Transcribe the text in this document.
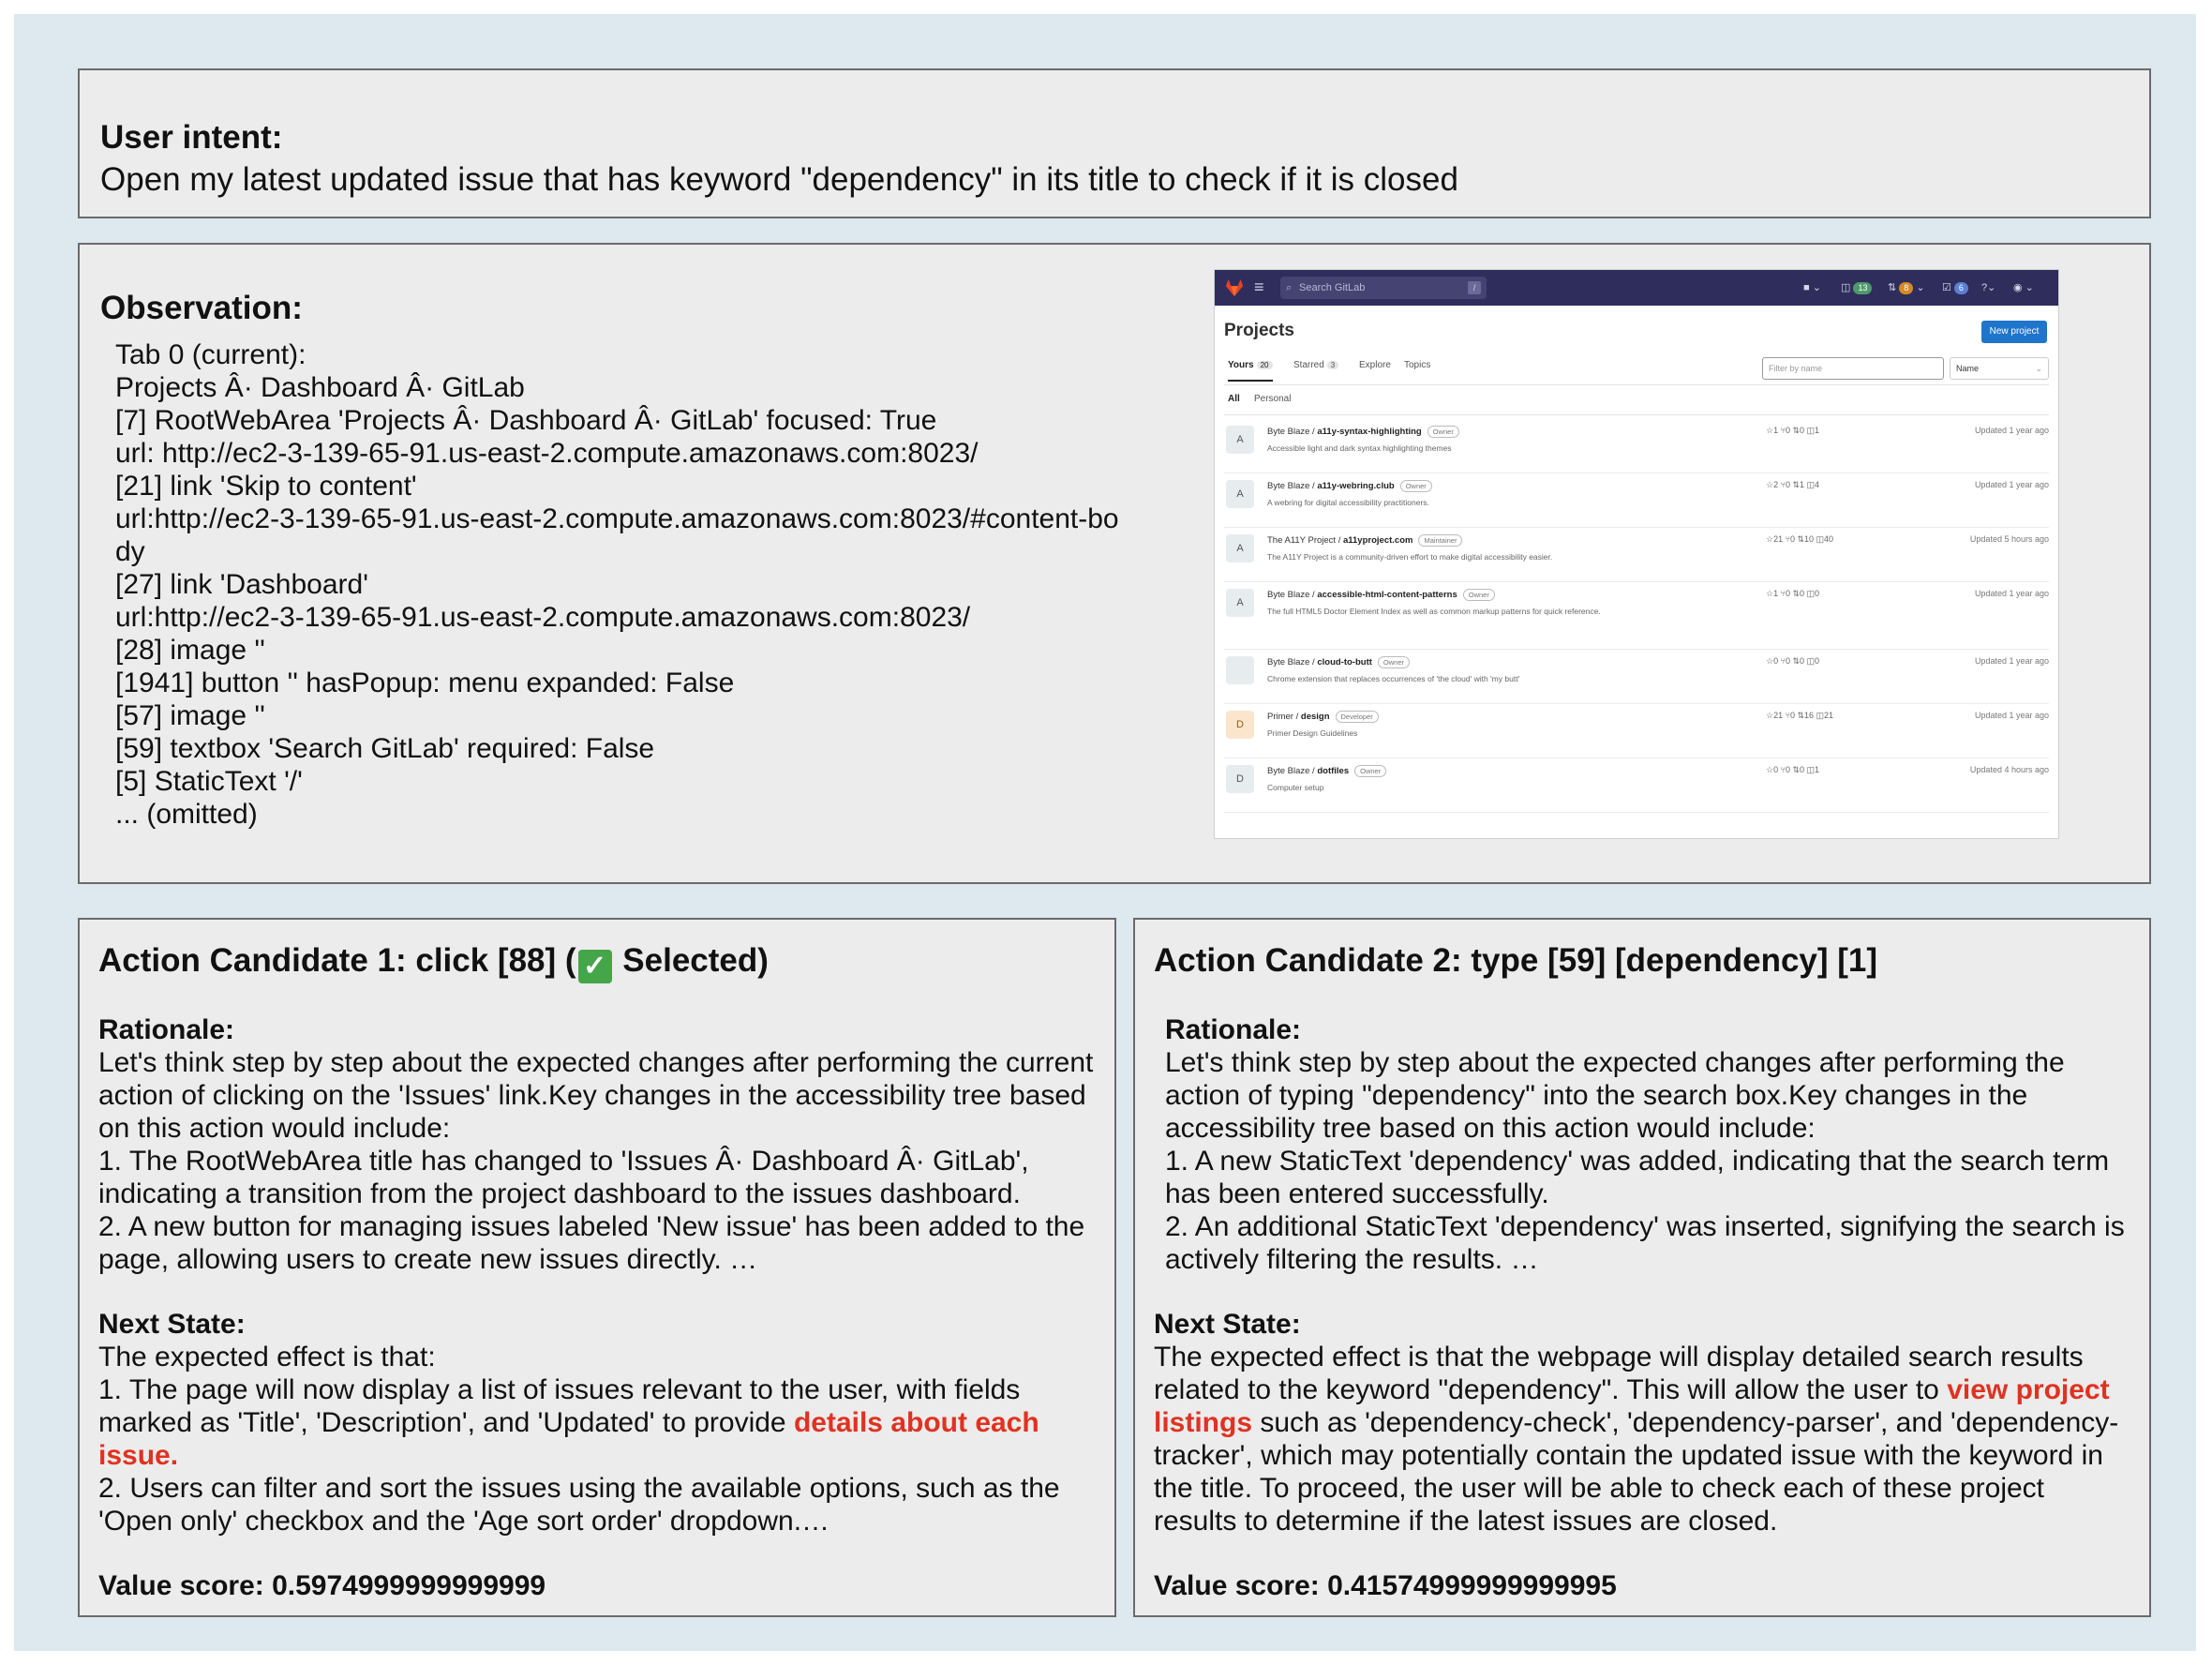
User intent:
Open my latest updated issue that has keyword "dependency" in its title to check if it is closed
Observation:
Tab 0 (current):
Projects Â· Dashboard Â· GitLab
[7] RootWebArea 'Projects Â· Dashboard Â· GitLab' focused: True
url: http://ec2-3-139-65-91.us-east-2.compute.amazonaws.com:8023/
[21] link 'Skip to content'
url:http://ec2-3-139-65-91.us-east-2.compute.amazonaws.com:8023/#content-body
[27] link 'Dashboard'
url:http://ec2-3-139-65-91.us-east-2.compute.amazonaws.com:8023/
[28] image ''
[1941] button '' hasPopup: menu expanded: False
[57] image ''
[59] textbox 'Search GitLab' required: False
[5] StaticText '/'
... (omitted)
≡ ⌕ Search GitLab	/	■ ⌄ ◫ 13	⇅ 8 ⌄ ☑ 6	?⌄ ◉ ⌄
Projects	New project
Yours 20	Starred 3	Explore Topics	Filter by name	Name	⌄
All Personal
A
Byte Blaze / a11y-syntax-highlighting Owner
Accessible light and dark syntax highlighting themes
☆1 ⑂0 ⇅0 ◫1	Updated 1 year ago
A
Byte Blaze / a11y-webring.club Owner
A webring for digital accessibility practitioners.
☆2 ⑂0 ⇅1 ◫4	Updated 1 year ago
A
The A11Y Project / a11yproject.com Maintainer
The A11Y Project is a community-driven effort to make digital accessibility easier.
☆21 ⑂0 ⇅10 ◫40	Updated 5 hours ago
A
Byte Blaze / accessible-html-content-patterns Owner
The full HTML5 Doctor Element Index as well as common markup patterns for quick reference.
☆1 ⑂0 ⇅0 ◫0	Updated 1 year ago
Byte Blaze / cloud-to-butt Owner
Chrome extension that replaces occurrences of 'the cloud' with 'my butt'
☆0 ⑂0 ⇅0 ◫0	Updated 1 year ago
D
Primer / design Developer
Primer Design Guidelines
☆21 ⑂0 ⇅16 ◫21	Updated 1 year ago
D
Byte Blaze / dotfiles Owner
Computer setup
☆0 ⑂0 ⇅0 ◫1	Updated 4 hours ago
Action Candidate 1: click [88] ( ✓ Selected)
Rationale:
Let's think step by step about the expected changes after performing the current action of clicking on the 'Issues' link.Key changes in the accessibility tree based on this action would include:
1. The RootWebArea title has changed to 'Issues Â· Dashboard Â· GitLab', indicating a transition from the project dashboard to the issues dashboard.
2. A new button for managing issues labeled 'New issue' has been added to the page, allowing users to create new issues directly. …
Next State:
The expected effect is that:
1. The page will now display a list of issues relevant to the user, with fields marked as 'Title', 'Description', and 'Updated' to provide details about each issue.
2. Users can filter and sort the issues using the available options, such as the 'Open only' checkbox and the 'Age sort order' dropdown.…
Value score: 0.5974999999999999
Action Candidate 2: type [59] [dependency] [1]
Rationale:
Let's think step by step about the expected changes after performing the action of typing "dependency" into the search box.Key changes in the accessibility tree based on this action would include:
1. A new StaticText 'dependency' was added, indicating that the search term has been entered successfully.
2. An additional StaticText 'dependency' was inserted, signifying the search is actively filtering the results. …
Next State:
The expected effect is that the webpage will display detailed search results related to the keyword "dependency". This will allow the user to view project listings such as 'dependency-check', 'dependency-parser', and 'dependency-tracker', which may potentially contain the updated issue with the keyword in the title. To proceed, the user will be able to check each of these project results to determine if the latest issues are closed.
Value score: 0.41574999999999995
